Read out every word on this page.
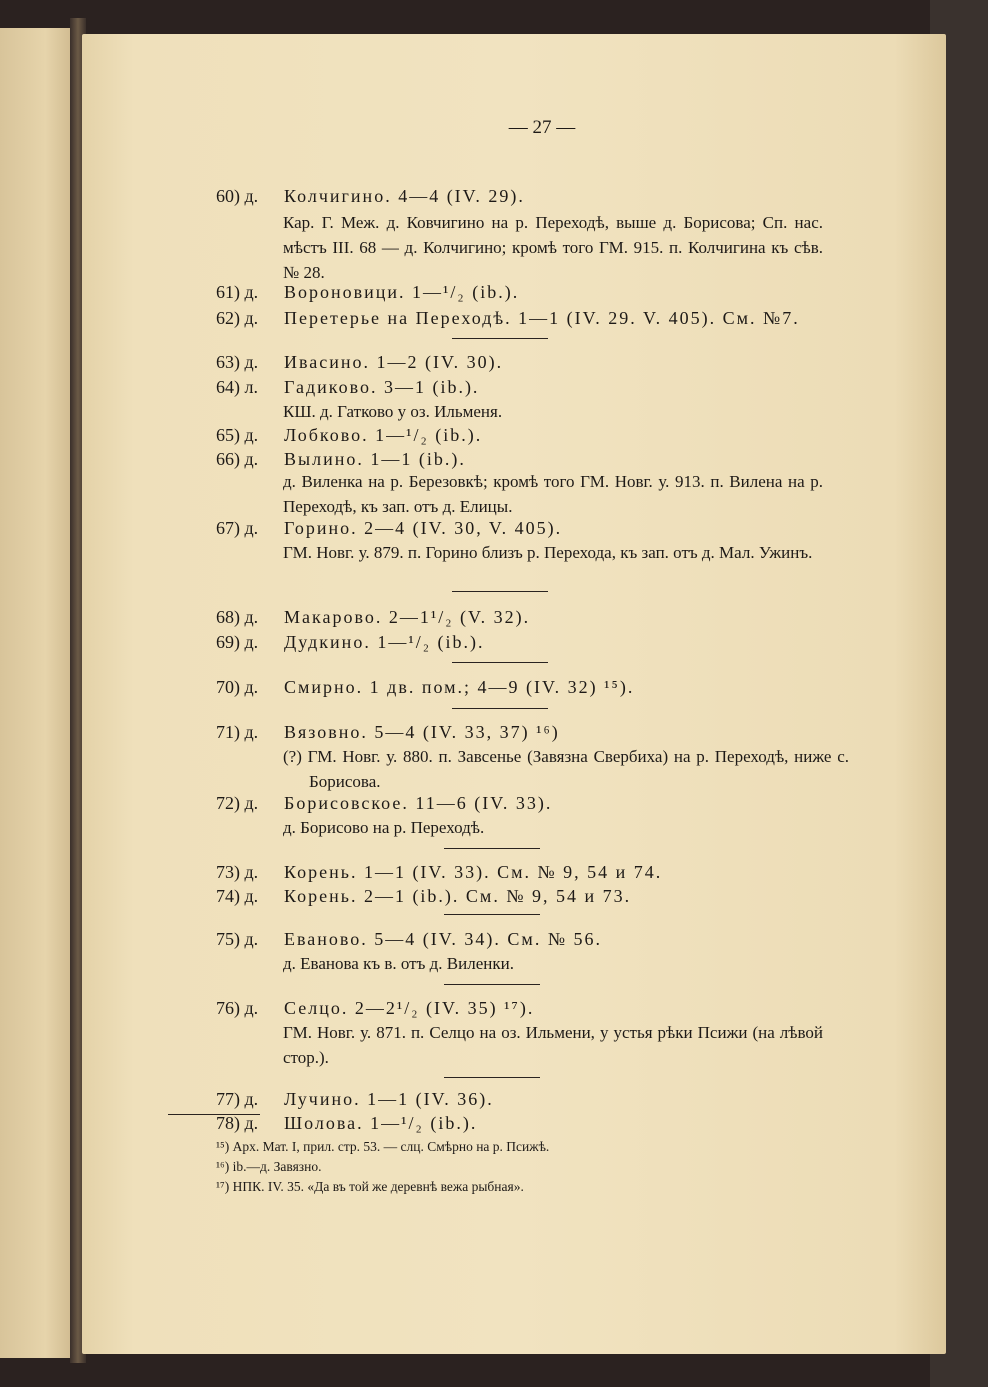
— 27 —
60) д. Колчигино. 4—4 (IV. 29).
Кар. Г. Меж. д. Ковчигино на р. Переходѣ, выше д. Борисова; Сп. нас. мѣстъ III. 68 — д. Колчигино; кромѣ того ГМ. 915. п. Колчигина къ сѣв. № 28.
61) д. Вороновици. 1—¹/₂ (ib.).
62) д. Перетерье на Переходѣ. 1—1 (IV. 29. V. 405). См. №7.
63) д. Ивасино. 1—2 (IV. 30).
64) л. Гадиково. 3—1 (ib.).
КШ. д. Гатково у оз. Ильменя.
65) д. Лобково. 1—¹/₂ (ib.).
66) д. Вылино. 1—1 (ib.).
д. Виленка на р. Березовкѣ; кромѣ того ГМ. Новг. у. 913. п. Вилена на р. Переходѣ, къ зап. отъ д. Елицы.
67) д. Горино. 2—4 (IV. 30, V. 405).
ГМ. Новг. у. 879. п. Горино близъ р. Перехода, къ зап. отъ д. Мал. Ужинъ.
68) д. Макарово. 2—1¹/₂ (V. 32).
69) д. Дудкино. 1—¹/₂ (ib.).
70) д. Смирно. 1 дв. пом.; 4—9 (IV. 32) ¹⁵).
71) д. Вязовно. 5—4 (IV. 33, 37) ¹⁶)
(?) ГМ. Новг. у. 880. п. Завсенье (Завязна Свербиха) на р. Переходѣ, ниже с. Борисова.
72) д. Борисовское. 11—6 (IV. 33).
д. Борисово на р. Переходѣ.
73) д. Корень. 1—1 (IV. 33). См. № 9, 54 и 74.
74) д. Корень. 2—1 (ib.). См. № 9, 54 и 73.
75) д. Еваново. 5—4 (IV. 34). См. № 56.
д. Еванова къ в. отъ д. Виленки.
76) д. Селцо. 2—2¹/₂ (IV. 35) ¹⁷).
ГМ. Новг. у. 871. п. Селцо на оз. Ильмени, у устья рѣки Псижи (на лѣвой стор.).
77) д. Лучино. 1—1 (IV. 36).
78) д. Шолова. 1—¹/₂ (ib.).
¹⁵) Арх. Мат. I, прил. стр. 53. — слц. Смѣрно на р. Псижѣ.
¹⁶) ib.—д. Завязно.
¹⁷) НПК. IV. 35. «Да въ той же деревнѣ вежа рыбная».
